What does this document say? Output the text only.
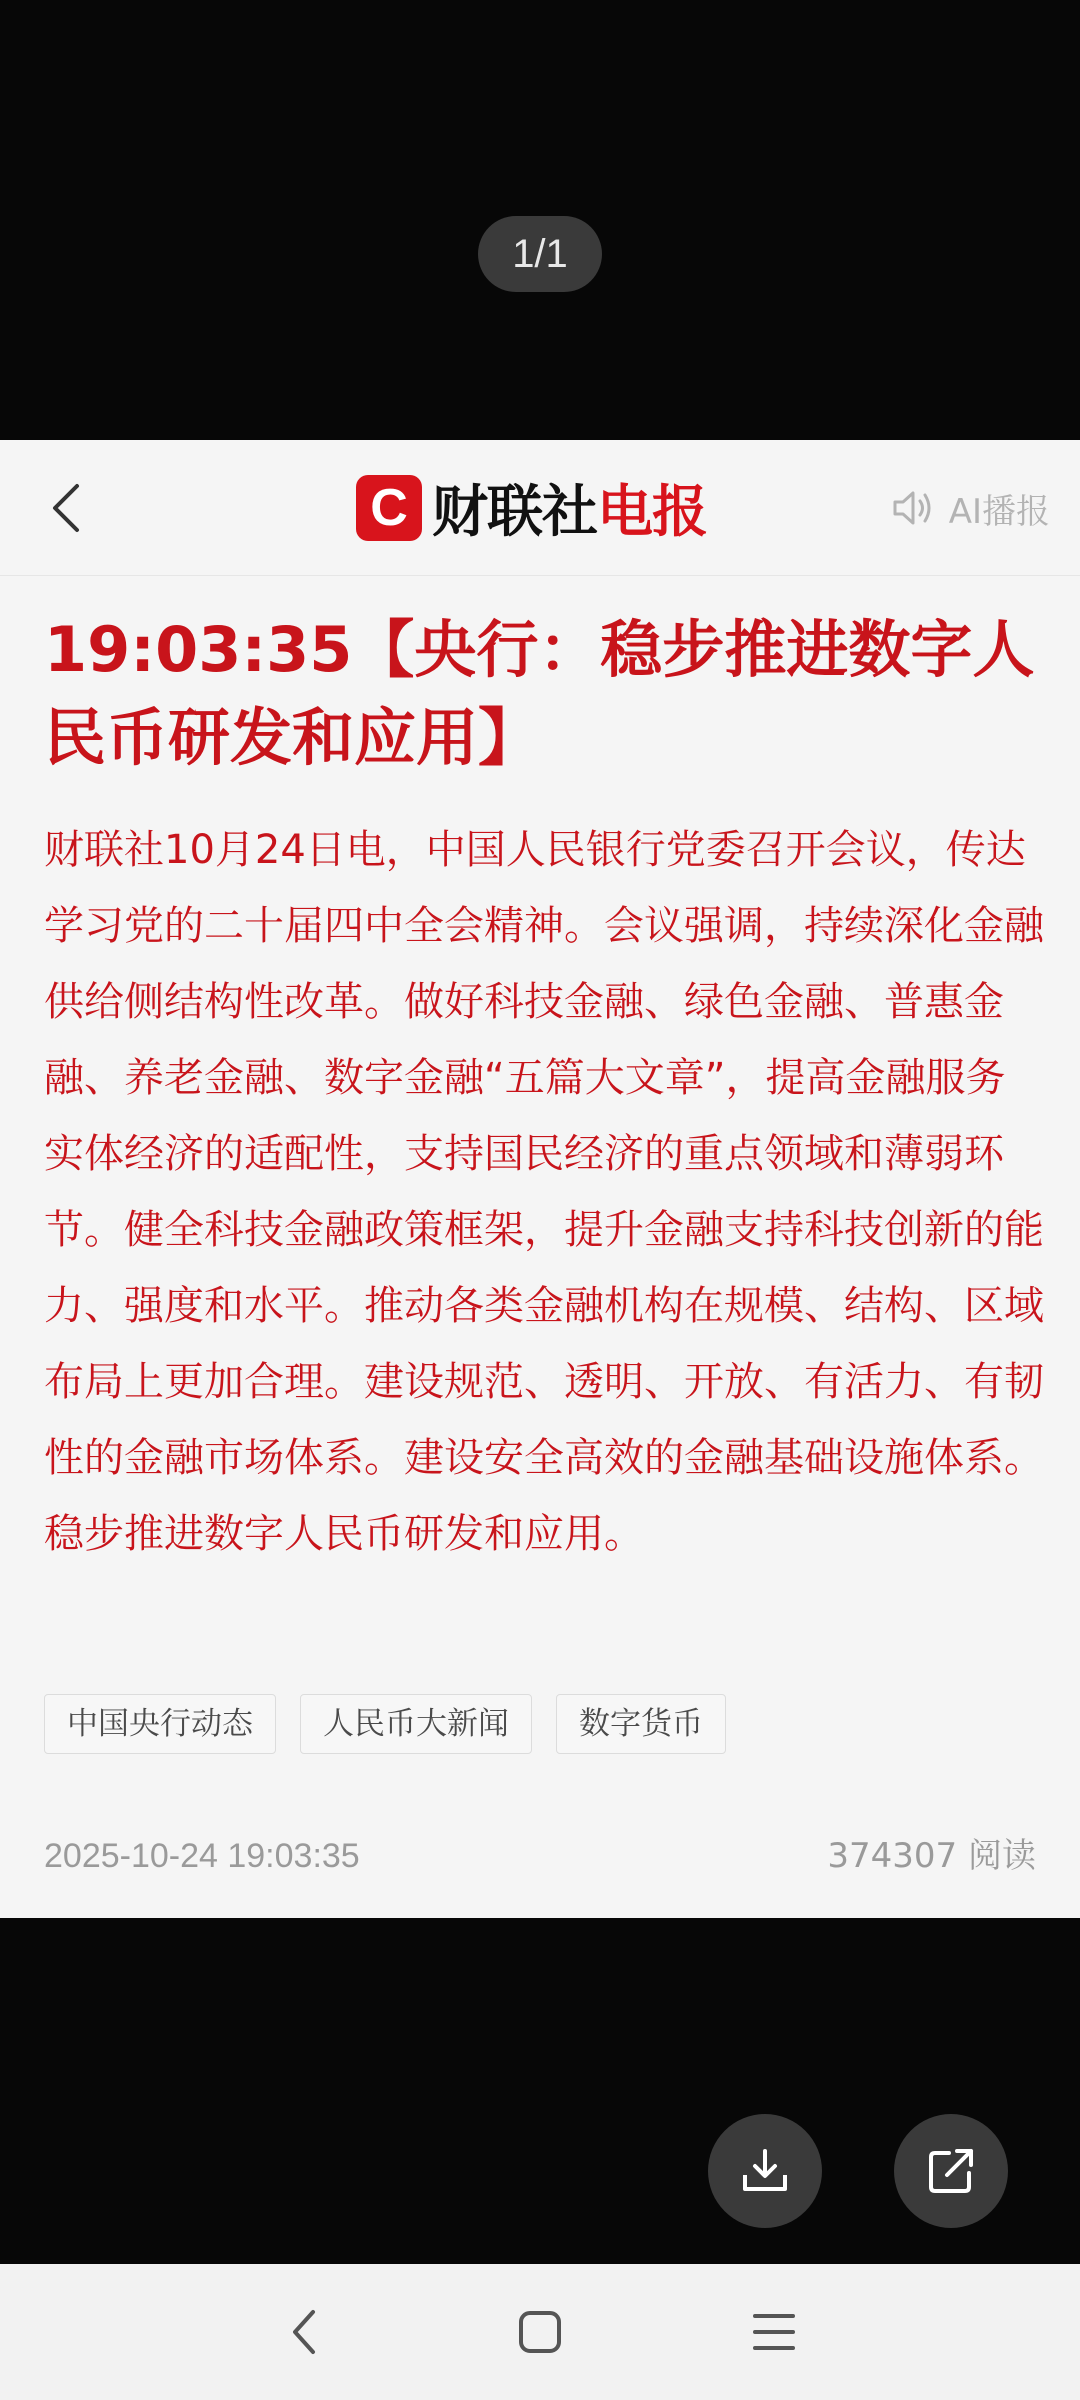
1/1
C 财联社电报	AI播报
19:03:35【央行：稳步推进数字人民币研发和应用】

财联社10月24日电，中国人民银行党委召开会议，传达学习党的二十届四中全会精神。会议强调，持续深化金融供给侧结构性改革。做好科技金融、绿色金融、普惠金融、养老金融、数字金融“五篇大文章”，提高金融服务实体经济的适配性，支持国民经济的重点领域和薄弱环节。健全科技金融政策框架，提升金融支持科技创新的能力、强度和水平。推动各类金融机构在规模、结构、区域布局上更加合理。建设规范、透明、开放、有活力、有韧性的金融市场体系。建设安全高效的金融基础设施体系。稳步推进数字人民币研发和应用。

中国央行动态	人民币大新闻	数字货币
2025-10-24 19:03:35	374307 阅读
